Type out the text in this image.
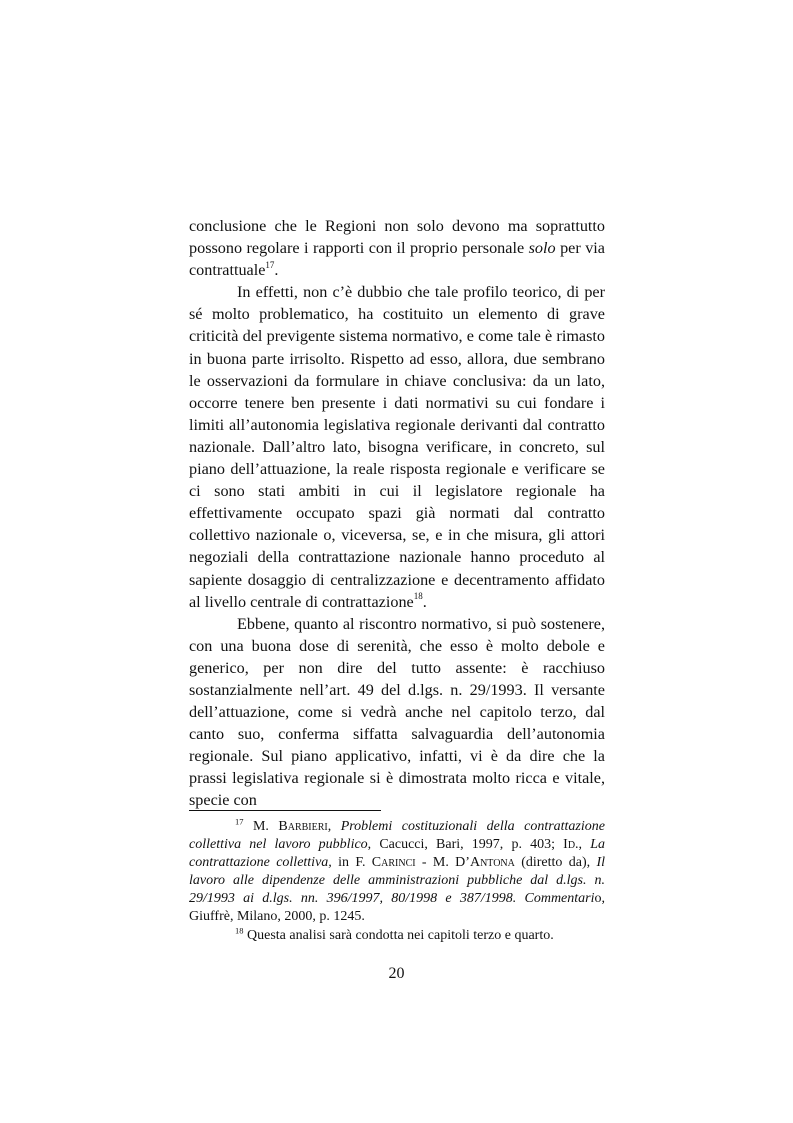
conclusione che le Regioni non solo devono ma soprattutto possono regolare i rapporti con il proprio personale solo per via contrattuale$^{17}$.

In effetti, non c’è dubbio che tale profilo teorico, di per sé molto problematico, ha costituito un elemento di grave criticità del previgente sistema normativo, e come tale è rimasto in buona parte irrisolto. Rispetto ad esso, allora, due sembrano le osservazioni da formulare in chiave conclusiva: da un lato, occorre tenere ben presente i dati normativi su cui fondare i limiti all’autonomia legislativa regionale derivanti dal contratto nazionale. Dall’altro lato, bisogna verificare, in concreto, sul piano dell’attuazione, la reale risposta regionale e verificare se ci sono stati ambiti in cui il legislatore regionale ha effettivamente occupato spazi già normati dal contratto collettivo nazionale o, viceversa, se, e in che misura, gli attori negoziali della contrattazione nazionale hanno proceduto al sapiente dosaggio di centralizzazione e decentramento affidato al livello centrale di contrattazione$^{18}$.

Ebbene, quanto al riscontro normativo, si può sostenere, con una buona dose di serenità, che esso è molto debole e generico, per non dire del tutto assente: è racchiuso sostanzialmente nell’art. 49 del d.lgs. n. 29/1993. Il versante dell’attuazione, come si vedrà anche nel capitolo terzo, dal canto suo, conferma siffatta salvaguardia dell’autonomia regionale. Sul piano applicativo, infatti, vi è da dire che la prassi legislativa regionale si è dimostrata molto ricca e vitale, specie con

$^{17}$ M. Barbieri, Problemi costituzionali della contrattazione collettiva nel lavoro pubblico, Cacucci, Bari, 1997, p. 403; Id., La contrattazione collettiva, in F. Carinci - M. D’Antona (diretto da), Il lavoro alle dipendenze delle amministrazioni pubbliche dal d.lgs. n. 29/1993 ai d.lgs. nn. 396/1997, 80/1998 e 387/1998. Commentario, Giuffrè, Milano, 2000, p. 1245.

$^{18}$ Questa analisi sarà condotta nei capitoli terzo e quarto.

20
